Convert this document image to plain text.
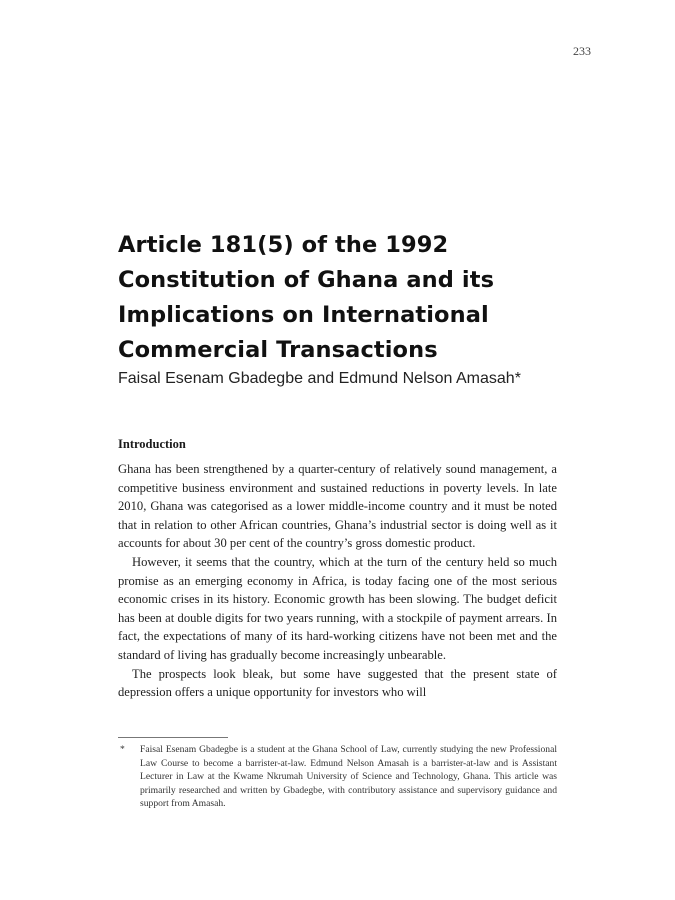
233
Article 181(5) of the 1992 Constitution of Ghana and its Implications on International Commercial Transactions

Faisal Esenam Gbadegbe and Edmund Nelson Amasah*

Introduction

Ghana has been strengthened by a quarter-century of relatively sound management, a competitive business environment and sustained reductions in poverty levels. In late 2010, Ghana was categorised as a lower middle-income country and it must be noted that in relation to other African countries, Ghana’s industrial sector is doing well as it accounts for about 30 per cent of the country’s gross domestic product.

However, it seems that the country, which at the turn of the century held so much promise as an emerging economy in Africa, is today facing one of the most serious economic crises in its history. Economic growth has been slowing. The budget deficit has been at double digits for two years running, with a stockpile of payment arrears. In fact, the expectations of many of its hard-working citizens have not been met and the standard of living has gradually become increasingly unbearable.

The prospects look bleak, but some have suggested that the present state of depression offers a unique opportunity for investors who will

* Faisal Esenam Gbadegbe is a student at the Ghana School of Law, currently studying the new Professional Law Course to become a barrister-at-law. Edmund Nelson Amasah is a barrister-at-law and is Assistant Lecturer in Law at the Kwame Nkrumah University of Science and Technology, Ghana. This article was primarily researched and written by Gbadegbe, with contributory assistance and supervisory guidance and support from Amasah.
